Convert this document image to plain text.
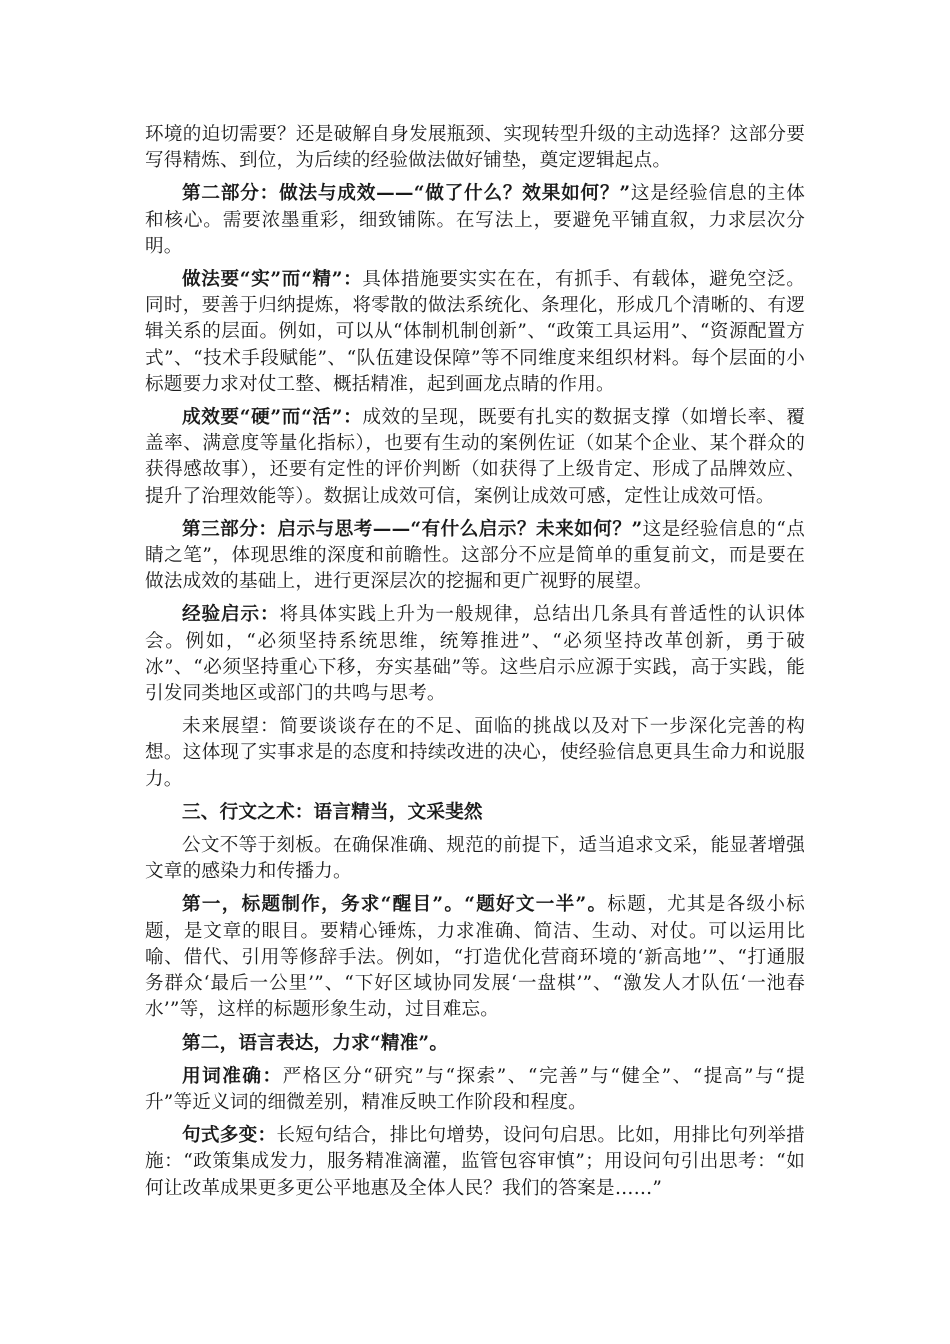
环境的迫切需要？还是破解自身发展瓶颈、实现转型升级的主动选择？这部分要写得精炼、到位，为后续的经验做法做好铺垫，奠定逻辑起点。

第二部分：做法与成效——“做了什么？效果如何？”这是经验信息的主体和核心。需要浓墨重彩，细致铺陈。在写法上，要避免平铺直叙，力求层次分明。

做法要“实”而“精”：具体措施要实实在在，有抓手、有载体，避免空泛。同时，要善于归纳提炼，将零散的做法系统化、条理化，形成几个清晰的、有逻辑关系的层面。例如，可以从“体制机制创新”、“政策工具运用”、“资源配置方式”、“技术手段赋能”、“队伍建设保障”等不同维度来组织材料。每个层面的小标题要力求对仗工整、概括精准，起到画龙点睛的作用。

成效要“硬”而“活”：成效的呈现，既要有扎实的数据支撑（如增长率、覆盖率、满意度等量化指标），也要有生动的案例佐证（如某个企业、某个群众的获得感故事），还要有定性的评价判断（如获得了上级肯定、形成了品牌效应、提升了治理效能等）。数据让成效可信，案例让成效可感，定性让成效可悟。

第三部分：启示与思考——“有什么启示？未来如何？”这是经验信息的“点睛之笔”，体现思维的深度和前瞻性。这部分不应是简单的重复前文，而是要在做法成效的基础上，进行更深层次的挖掘和更广视野的展望。

经验启示：将具体实践上升为一般规律，总结出几条具有普适性的认识体会。例如，“必须坚持系统思维，统筹推进”、“必须坚持改革创新，勇于破冰”、“必须坚持重心下移，夯实基础”等。这些启示应源于实践，高于实践，能引发同类地区或部门的共鸣与思考。

未来展望：简要谈谈存在的不足、面临的挑战以及对下一步深化完善的构想。这体现了实事求是的态度和持续改进的决心，使经验信息更具生命力和说服力。

三、行文之术：语言精当，文采斐然

公文不等于刻板。在确保准确、规范的前提下，适当追求文采，能显著增强文章的感染力和传播力。

第一，标题制作，务求“醒目”。“题好文一半”。标题，尤其是各级小标题，是文章的眼目。要精心锤炼，力求准确、简洁、生动、对仗。可以运用比喻、借代、引用等修辞手法。例如，“打造优化营商环境的‘新高地’”、“打通服务群众‘最后一公里’”、“下好区域协同发展‘一盘棋’”、“激发人才队伍‘一池春水’”等，这样的标题形象生动，过目难忘。

第二，语言表达，力求“精准”。

用词准确：严格区分“研究”与“探索”、“完善”与“健全”、“提高”与“提升”等近义词的细微差别，精准反映工作阶段和程度。

句式多变：长短句结合，排比句增势，设问句启思。比如，用排比句列举措施：“政策集成发力，服务精准滴灌，监管包容审慎”；用设问句引出思考：“如何让改革成果更多更公平地惠及全体人民？我们的答案是……”
